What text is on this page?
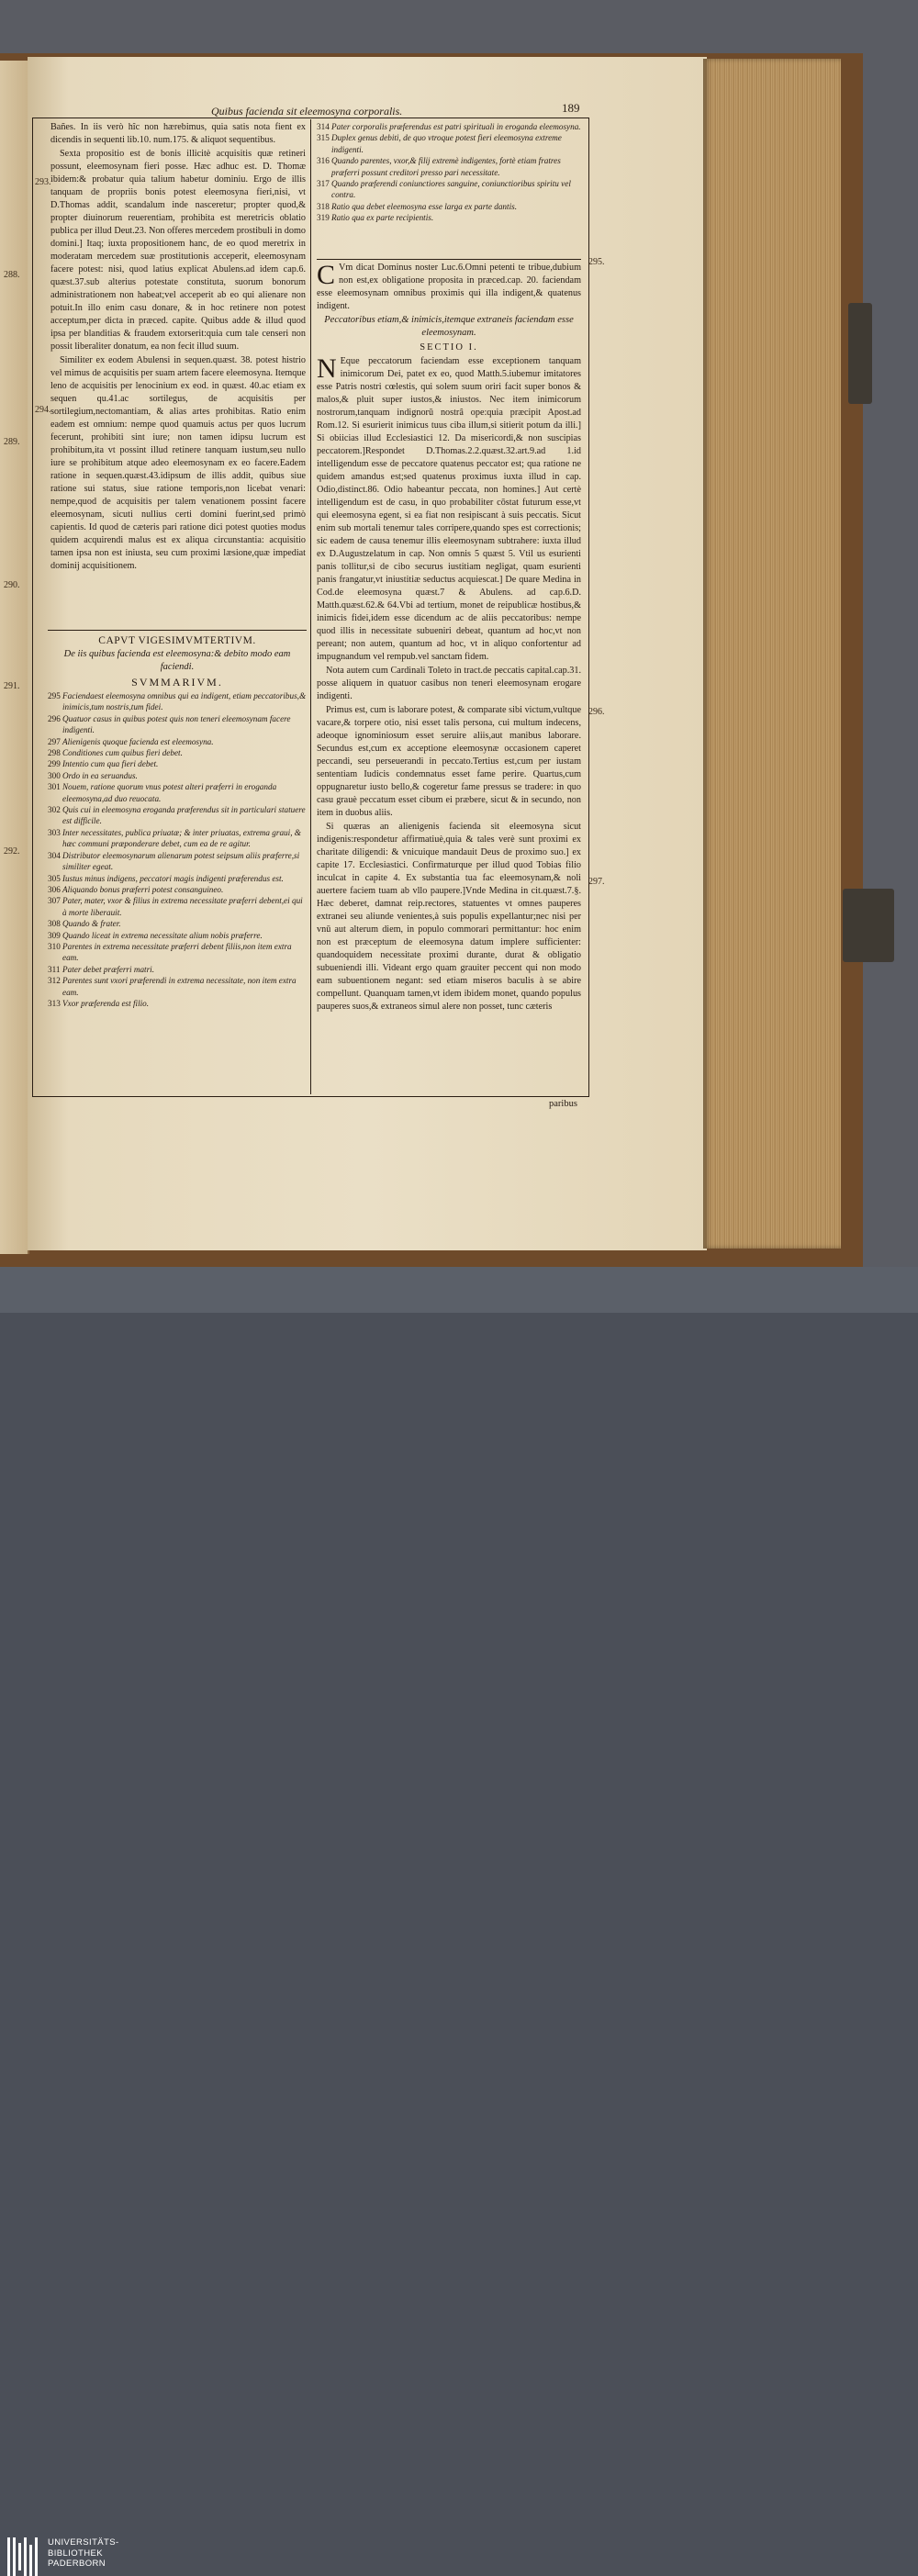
288.
289.
290.
291.
292.
Quibus facienda sit eleemosyna corporalis.	189
293.
294.
295.
296.
297.

Bañes. In iis verò hîc non hærebimus, quia satis nota fient ex dicendis in sequenti lib.10. num.175. & aliquot sequentibus.

Sexta propositio est de bonis illicitè acquisitis quæ retineri possunt, eleemosynam fieri posse. Hæc adhuc est. D. Thomæ ibidem:& probatur quia talium habetur dominiu. Ergo de illis tanquam de propriis bonis potest eleemosyna fieri,nisi, vt D.Thomas addit, scandalum inde nasceretur; propter quod,& propter diuinorum reuerentiam, prohibita est meretricis oblatio publica per illud Deut.23. Non offeres mercedem prostibuli in domo domini.] Itaq; iuxta propositionem hanc, de eo quod meretrix in moderatam mercedem suæ prostitutionis acceperit, eleemosynam facere potest: nisi, quod latius explicat Abulens.ad idem cap.6. quæst.37.sub alterius potestate constituta, suorum bonorum administrationem non habeat;vel acceperit ab eo qui alienare non potuit.In illo enim casu donare, & in hoc retinere non potest acceptum,per dicta in præced. capite. Quibus adde & illud quod ipsa per blanditias & fraudem extorserit:quia cum tale censeri non possit liberaliter donatum, ea non fecit illud suum.

Similiter ex eodem Abulensi in sequen.quæst. 38. potest histrio vel mimus de acquisitis per suam artem facere eleemosyna. Itemque leno de acquisitis per lenocinium ex eod. in quæst. 40.ac etiam ex sequen qu.41.ac sortilegus, de acquisitis per sortilegium,nectomantiam, & alias artes prohibitas. Ratio enim eadem est omnium: nempe quod quamuis actus per quos lucrum fecerunt, prohibiti sint iure; non tamen idipsu lucrum est prohibitum,ita vt possint illud retinere tanquam iustum,seu nullo iure se prohibitum atque adeo eleemosynam ex eo facere.Eadem ratione in sequen.quæst.43.idipsum de illis addit, quibus siue ratione sui status, siue ratione temporis,non licebat venari: nempe,quod de acquisitis per talem venationem possint facere eleemosynam, sicuti nullius certi domini fuerint,sed primò capientis. Id quod de cæteris pari ratione dici potest quoties modus quidem acquirendi malus est ex aliqua circunstantia: acquisitio tamen ipsa non est iniusta, seu cum proximi læsione,quæ impediat dominij acquisitionem.

CAPVT VIGESIMVMTERTIVM.
De iis quibus facienda est eleemosyna:& debito modo eam faciendi.
SVMMARIVM.
295 Faciendaest eleemosyna omnibus qui ea indigent, etiam peccatoribus,& inimicis,tum nostris,tum fidei.
296 Quatuor casus in quibus potest quis non teneri eleemosynam facere indigenti.
297 Alienigenis quoque facienda est eleemosyna.
298 Conditiones cum quibus fieri debet.
299 Intentio cum qua fieri debet.
300 Ordo in ea seruandus.
301 Nouem, ratione quorum vnus potest alteri præferri in eroganda eleemosyna,ad duo reuocata.
302 Quis cui in eleemosyna eroganda præferendus sit in particulari statuere est difficile.
303 Inter necessitates, publica priuatæ; & inter priuatas, extrema graui, & hæc communi præponderare debet, cum ea de re agitur.
304 Distributor eleemosynarum alienarum potest seipsum aliis præferre,si similiter egeat.
305 Iustus minus indigens, peccatori magis indigenti præferendus est.
306 Aliquando bonus præferri potest consanguineo.
307 Pater, mater, vxor & filius in extrema necessitate præferri debent,ei qui à morte liberauit.
308 Quando & frater.
309 Quando liceat in extrema necessitate alium nobis præferre.
310 Parentes in extrema necessitate præferri debent filiis,non item extra eam.
311 Pater debet præferri matri.
312 Parentes sunt vxori præferendi in extrema necessitate, non item extra eam.
313 Vxor præferenda est filio.
314 Pater corporalis præferendus est patri spirituali in eroganda eleemosyna.
315 Duplex genus debiti, de quo vtroque potest fieri eleemosyna extreme indigenti.
316 Quando parentes, vxor,& filij extremè indigentes, fortè etiam fratres præferri possunt creditori presso pari necessitate.
317 Quando præferendi coniunctiores sanguine, coniunctioribus spiritu vel contra.
318 Ratio qua debet eleemosyna esse larga ex parte dantis.
319 Ratio qua ex parte recipientis.

C Vm dicat Dominus noster Luc.6.Omni petenti te tribue,dubium non est,ex obligatione proposita in præced.cap. 20. faciendam esse eleemosynam omnibus proximis qui illa indigent,& quatenus indigent.

Peccatoribus etiam,& inimicis,itemque extraneis faciendam esse eleemosynam.
SECTIO I.

N Eque peccatorum faciendam esse exceptionem tanquam inimicorum Dei, patet ex eo, quod Matth.5.iubemur imitatores esse Patris nostri cœlestis, qui solem suum oriri facit super bonos & malos,& pluit super iustos,& iniustos. Nec item inimicorum nostrorum,tanquam indignorū nostrâ ope:quia præcipit Apost.ad Rom.12. Si esurierit inimicus tuus ciba illum,si sitierit potum da illi.] Si obiicias illud Ecclesiastici 12. Da misericordi,& non suscipias peccatorem.]Respondet D.Thomas.2.2.quæst.32.art.9.ad 1.id intelligendum esse de peccatore quatenus peccator est; qua ratione ne quidem amandus est;sed quatenus proximus iuxta illud in cap. Odio,distinct.86. Odio habeantur peccata, non homines.] Aut certè intelligendum est de casu, in quo probabiliter cōstat futurum esse,vt qui eleemosyna egent, si ea fiat non resipiscant à suis peccatis. Sicut enim sub mortali tenemur tales corripere,quando spes est correctionis; sic eadem de causa tenemur illis eleemosynam subtrahere: iuxta illud ex D.Augustzelatum in cap. Non omnis 5 quæst 5. Vtil us esurienti panis tollitur,si de cibo securus iustitiam negligat, quam esurienti panis frangatur,vt iniustitiæ seductus acquiescat.] De quare Medina in Cod.de eleemosyna quæst.7 & Abulens. ad cap.6.D. Matth.quæst.62.& 64.Vbi ad tertium, monet de reipublicæ hostibus,& inimicis fidei,idem esse dicendum ac de aliis peccatoribus: nempe quod illis in necessitate subueniri debeat, quantum ad hoc,vt non pereant; non autem, quantum ad hoc, vt in aliquo confortentur ad impugnandum vel rempub.vel sanctam fidem.

Nota autem cum Cardinali Toleto in tract.de peccatis capital.cap.31. posse aliquem in quatuor casibus non teneri eleemosynam erogare indigenti.

Primus est, cum is laborare potest, & comparate sibi victum,vultque vacare,& torpere otio, nisi esset talis persona, cui multum indecens, adeoque ignominiosum esset seruire aliis,aut manibus laborare. Secundus est,cum ex acceptione eleemosynæ occasionem caperet peccandi, seu perseuerandi in peccato.Tertius est,cum per iustam sententiam Iudicis condemnatus esset fame perire. Quartus,cum oppugnaretur iusto bello,& cogeretur fame pressus se tradere: in quo casu grauè peccatum esset cibum ei præbere, sicut & in secundo, non item in duobus aliis.

Si quæras an alienigenis facienda sit eleemosyna sicut indigenis:respondetur affirmatiuè,quia & tales verè sunt proximi ex charitate diligendi: & vnicuique mandauit Deus de proximo suo.] ex capite 17. Ecclesiastici. Confirmaturque per illud quod Tobias filio inculcat in capite 4. Ex substantia tua fac eleemosynam,& noli auertere faciem tuam ab vllo paupere.]Vnde Medina in cit.quæst.7.§. Hæc deberet, damnat reip.rectores, statuentes vt omnes pauperes extranei seu aliunde venientes,à suis populis expellantur;nec nisi per vnū aut alterum diem, in populo commorari permittantur: hoc enim non est præceptum de eleemosyna datum implere sufficienter: quandoquidem necessitate proximi durante, durat & obligatio subueniendi illi. Videant ergo quam grauiter peccent qui non modo eam subuentionem negant: sed etiam miseros baculis à se abire compellunt. Quanquam tamen,vt idem ibidem monet, quando populus pauperes suos,& extraneos simul alere non posset, tunc cæteris

paribus
UNIVERSITÄTS-
BIBLIOTHEK
PADERBORN
